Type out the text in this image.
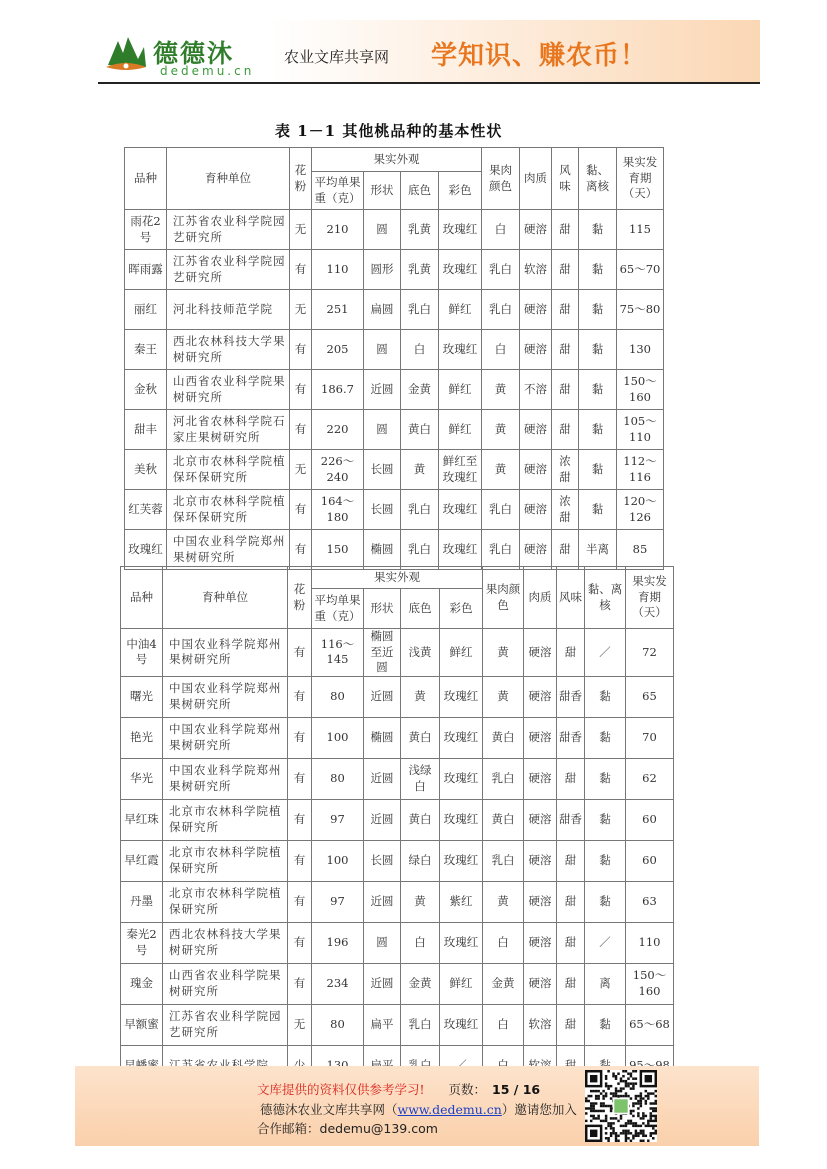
德德沐
dedemu.cn
农业文库共享网 学知识、赚农币！
表 1－1 其他桃品种的基本性状
品种	育种单位	花粉	果实外观				果肉颜色	肉质	风味	黏、离核	果实发育期（天）
			平均单果重（克）	形状	底色	彩色					
雨花2号	江苏省农业科学院园艺研究所	无	210	圆	乳黄	玫瑰红	白	硬溶	甜	黏	115
晖雨露	江苏省农业科学院园艺研究所	有	110	圆形	乳黄	玫瑰红	乳白	软溶	甜	黏	65～70
丽红	河北科技师范学院	无	251	扁圆	乳白	鲜红	乳白	硬溶	甜	黏	75～80
秦王	西北农林科技大学果树研究所	有	205	圆	白	玫瑰红	白	硬溶	甜	黏	130
金秋	山西省农业科学院果树研究所	有	186.7	近圆	金黄	鲜红	黄	不溶	甜	黏	150～160
甜丰	河北省农林科学院石家庄果树研究所	有	220	圆	黄白	鲜红	黄	硬溶	甜	黏	105～110
美秋	北京市农林科学院植保环保研究所	无	226～240	长圆	黄	鲜红至玫瑰红	黄	硬溶	浓甜	黏	112～116
红芙蓉	北京市农林科学院植保环保研究所	有	164～180	长圆	乳白	玫瑰红	乳白	硬溶	浓甜	黏	120～126
玫瑰红	中国农业科学院郑州果树研究所	有	150	椭圆	乳白	玫瑰红	乳白	硬溶	甜	半离	85
品种	育种单位	花粉	果实外观				果肉颜色	肉质	风味	黏、离核	果实发育期（天）
			平均单果重（克）	形状	底色	彩色					
中油4号	中国农业科学院郑州果树研究所	有	116～145	椭圆至近圆	浅黄	鲜红	黄	硬溶	甜	／	72
曙光	中国农业科学院郑州果树研究所	有	80	近圆	黄	玫瑰红	黄	硬溶	甜香	黏	65
艳光	中国农业科学院郑州果树研究所	有	100	椭圆	黄白	玫瑰红	黄白	硬溶	甜香	黏	70
华光	中国农业科学院郑州果树研究所	有	80	近圆	浅绿白	玫瑰红	乳白	硬溶	甜	黏	62
早红珠	北京市农林科学院植保研究所	有	97	近圆	黄白	玫瑰红	黄白	硬溶	甜香	黏	60
早红霞	北京市农林科学院植保研究所	有	100	长圆	绿白	玫瑰红	乳白	硬溶	甜	黏	60
丹墨	北京市农林科学院植保研究所	有	97	近圆	黄	紫红	黄	硬溶	甜	黏	63
秦光2号	西北农林科技大学果树研究所	有	196	圆	白	玫瑰红	白	硬溶	甜	／	110
瑰金	山西省农业科学院果树研究所	有	234	近圆	金黄	鲜红	金黄	硬溶	甜	离	150～160
早额蜜	江苏省农业科学院园艺研究所	无	80	扁平	乳白	玫瑰红	白	软溶	甜	黏	65～68

文库提供的资料仅供参考学习! 页数： 15 / 16
德德沐农业文库共享网（www.dedemu.cn）邀请您加入
合作邮箱：dedemu@139.com
